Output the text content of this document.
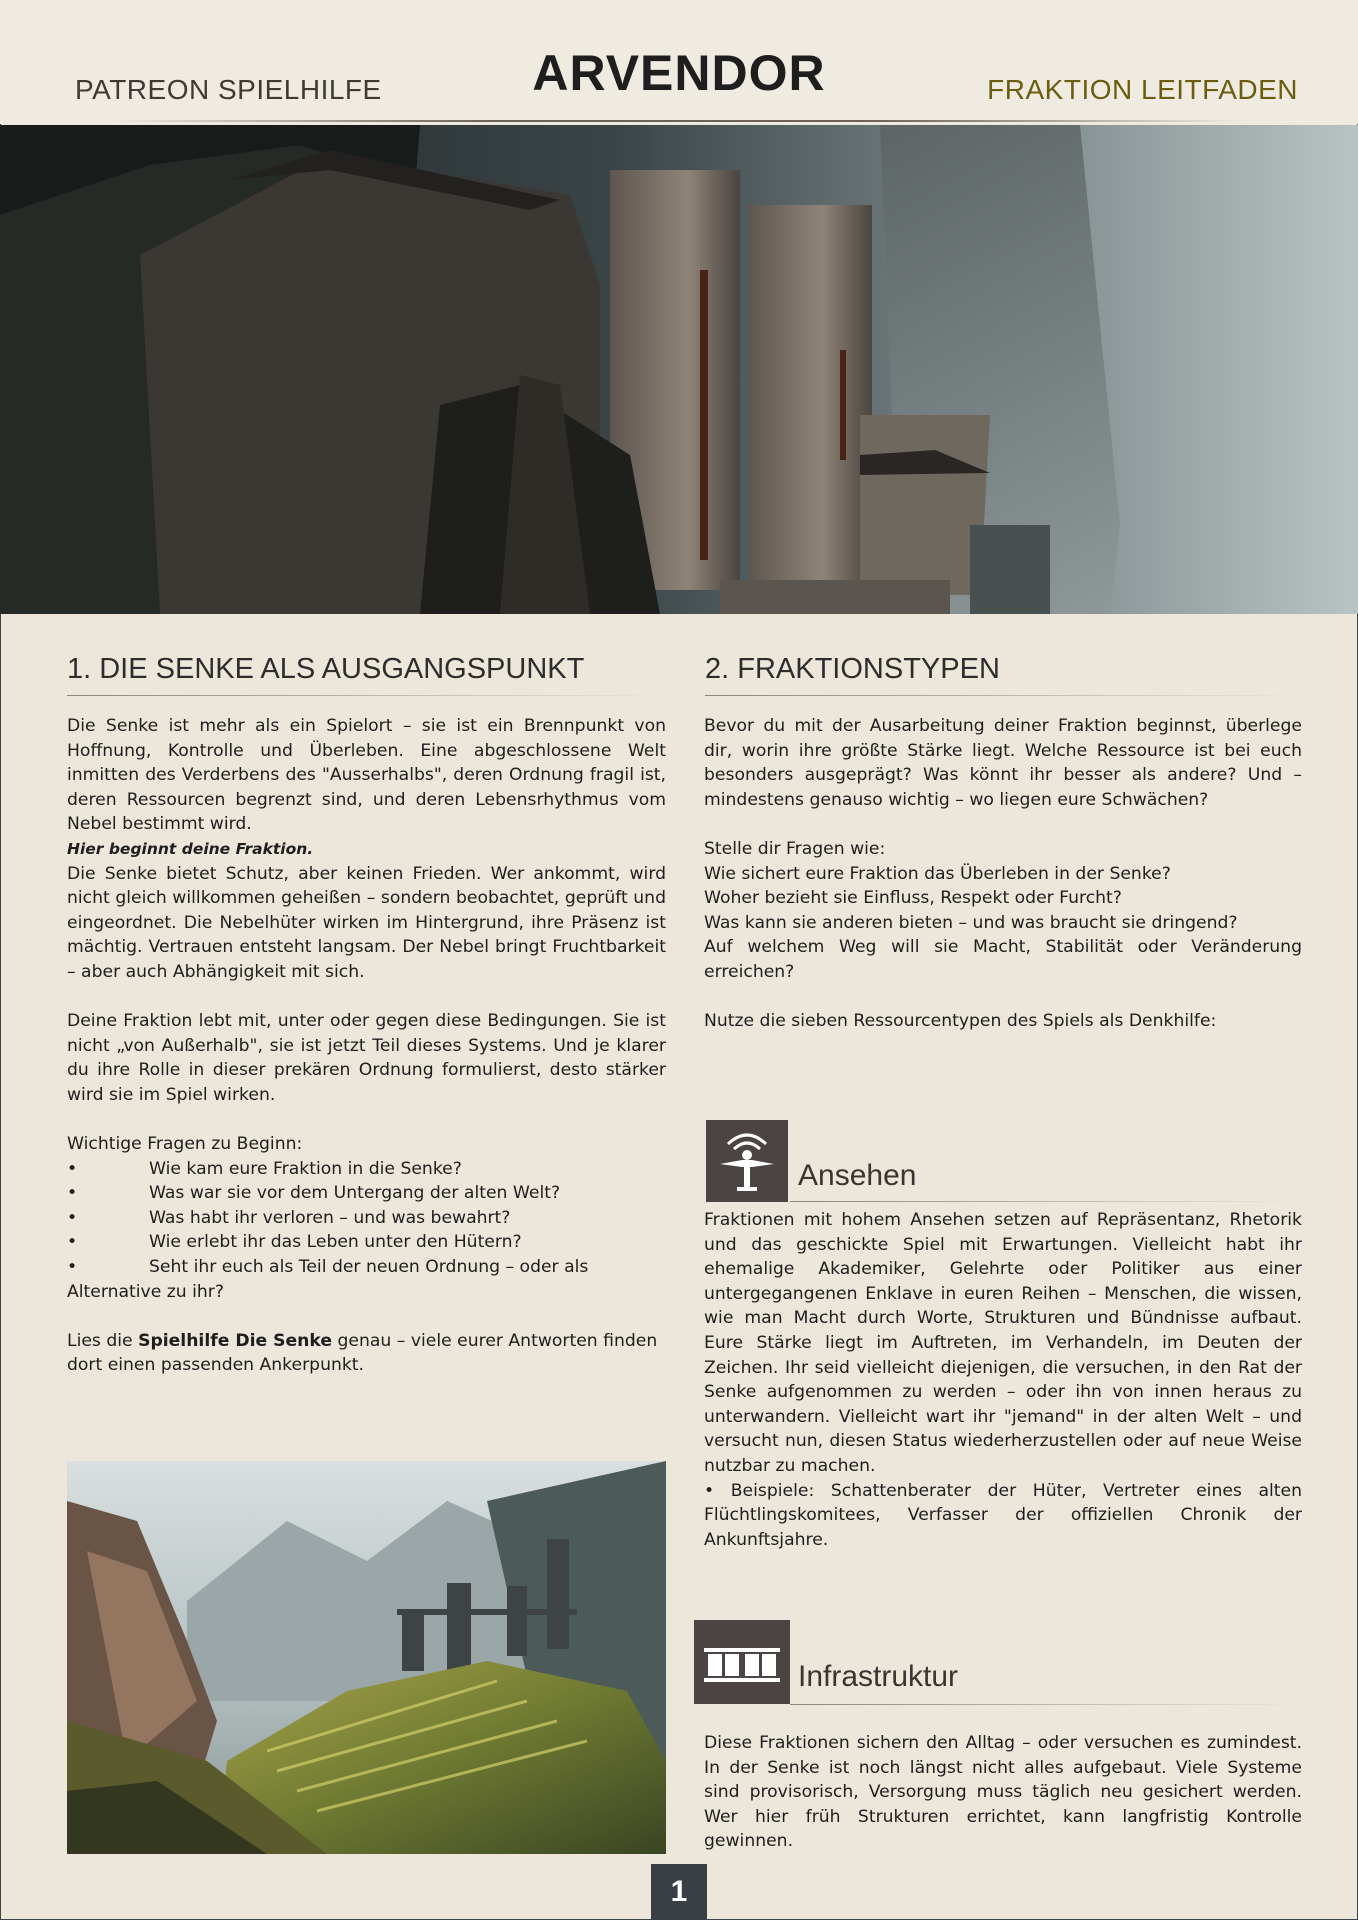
PATREON SPIELHILFE	ARVENDOR	FRAKTION LEITFADEN
1. DIE SENKE ALS AUSGANGSPUNKT

Die Senke ist mehr als ein Spielort – sie ist ein Brennpunkt von Hoffnung, Kontrolle und Überleben. Eine abgeschlossene Welt inmitten des Verderbens des "Ausserhalbs", deren Ordnung fragil ist, deren Ressourcen begrenzt sind, und deren Lebensrhythmus vom Nebel bestimmt wird.

Hier beginnt deine Fraktion.

Die Senke bietet Schutz, aber keinen Frieden. Wer ankommt, wird nicht gleich willkommen geheißen – sondern beobachtet, geprüft und eingeordnet. Die Nebelhüter wirken im Hintergrund, ihre Präsenz ist mächtig. Vertrauen entsteht langsam. Der Nebel bringt Fruchtbarkeit – aber auch Abhängigkeit mit sich.

Deine Fraktion lebt mit, unter oder gegen diese Bedingungen. Sie ist nicht „von Außerhalb", sie ist jetzt Teil dieses Systems. Und je klarer du ihre Rolle in dieser prekären Ordnung formulierst, desto stärker wird sie im Spiel wirken.

Wichtige Fragen zu Beginn:

•	Wie kam eure Fraktion in die Senke?
•	Was war sie vor dem Untergang der alten Welt?
•	Was habt ihr verloren – und was bewahrt?
•	Wie erlebt ihr das Leben unter den Hütern?
•	Seht ihr euch als Teil der neuen Ordnung – oder als

Alternative zu ihr?

Lies die Spielhilfe Die Senke genau – viele eurer Antworten finden dort einen passenden Ankerpunkt.

2. FRAKTIONSTYPEN

Bevor du mit der Ausarbeitung deiner Fraktion beginnst, überlege dir, worin ihre größte Stärke liegt. Welche Ressource ist bei euch besonders ausgeprägt? Was könnt ihr besser als andere? Und – mindestens genauso wichtig – wo liegen eure Schwächen?

Stelle dir Fragen wie:

Wie sichert eure Fraktion das Überleben in der Senke?

Woher bezieht sie Einfluss, Respekt oder Furcht?

Was kann sie anderen bieten – und was braucht sie dringend?

Auf welchem Weg will sie Macht, Stabilität oder Veränderung erreichen?

Nutze die sieben Ressourcentypen des Spiels als Denkhilfe:

Ansehen

Fraktionen mit hohem Ansehen setzen auf Repräsentanz, Rhetorik und das geschickte Spiel mit Erwartungen. Vielleicht habt ihr ehemalige Akademiker, Gelehrte oder Politiker aus einer untergegangenen Enklave in euren Reihen – Menschen, die wissen, wie man Macht durch Worte, Strukturen und Bündnisse aufbaut. Eure Stärke liegt im Auftreten, im Verhandeln, im Deuten der Zeichen. Ihr seid vielleicht diejenigen, die versuchen, in den Rat der Senke aufgenommen zu werden – oder ihn von innen heraus zu unterwandern. Vielleicht wart ihr "jemand" in der alten Welt – und versucht nun, diesen Status wiederherzustellen oder auf neue Weise nutzbar zu machen.

• Beispiele: Schattenberater der Hüter, Vertreter eines alten Flüchtlingskomitees, Verfasser der offiziellen Chronik der Ankunftsjahre.

Infrastruktur

Diese Fraktionen sichern den Alltag – oder versuchen es zumindest. In der Senke ist noch längst nicht alles aufgebaut. Viele Systeme sind provisorisch, Versorgung muss täglich neu gesichert werden. Wer hier früh Strukturen errichtet, kann langfristig Kontrolle gewinnen.

1
